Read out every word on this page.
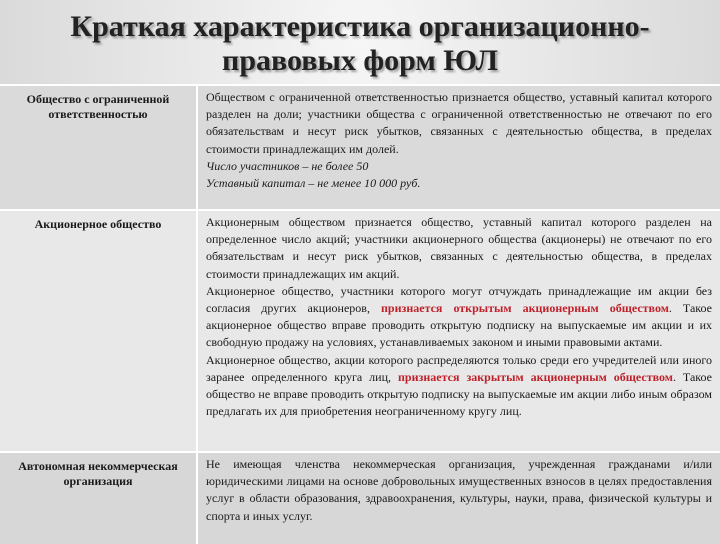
Краткая характеристика организационно-
правовых форм ЮЛ
Общество с ограниченной ответственностью	Обществом с ограниченной ответственностью признается общество, уставный капитал которого разделен на доли; участники общества с ограниченной ответственностью не отвечают по его обязательствам и несут риск убытков, связанных с деятельностью общества, в пределах стоимости принадлежащих им долей.

Число участников – не более 50

Уставный капитал – не менее 10 000 руб.

Акционерное общество	Акционерным обществом признается общество, уставный капитал которого разделен на определенное число акций; участники акционерного общества (акционеры) не отвечают по его обязательствам и несут риск убытков, связанных с деятельностью общества, в пределах стоимости принадлежащих им акций.

Акционерное общество, участники которого могут отчуждать принадлежащие им акции без согласия других акционеров, признается открытым акционерным обществом. Такое акционерное общество вправе проводить открытую подписку на выпускаемые им акции и их свободную продажу на условиях, устанавливаемых законом и иными правовыми актами.

Акционерное общество, акции которого распределяются только среди его учредителей или иного заранее определенного круга лиц, признается закрытым акционерным обществом. Такое общество не вправе проводить открытую подписку на выпускаемые им акции либо иным образом предлагать их для приобретения неограниченному кругу лиц.

Автономная некоммерческая организация	Не имеющая членства некоммерческая организация, учрежденная гражданами и/или юридическими лицами на основе добровольных имущественных взносов в целях предоставления услуг в области образования, здравоохранения, культуры, науки, права, физической культуры и спорта и иных услуг.
